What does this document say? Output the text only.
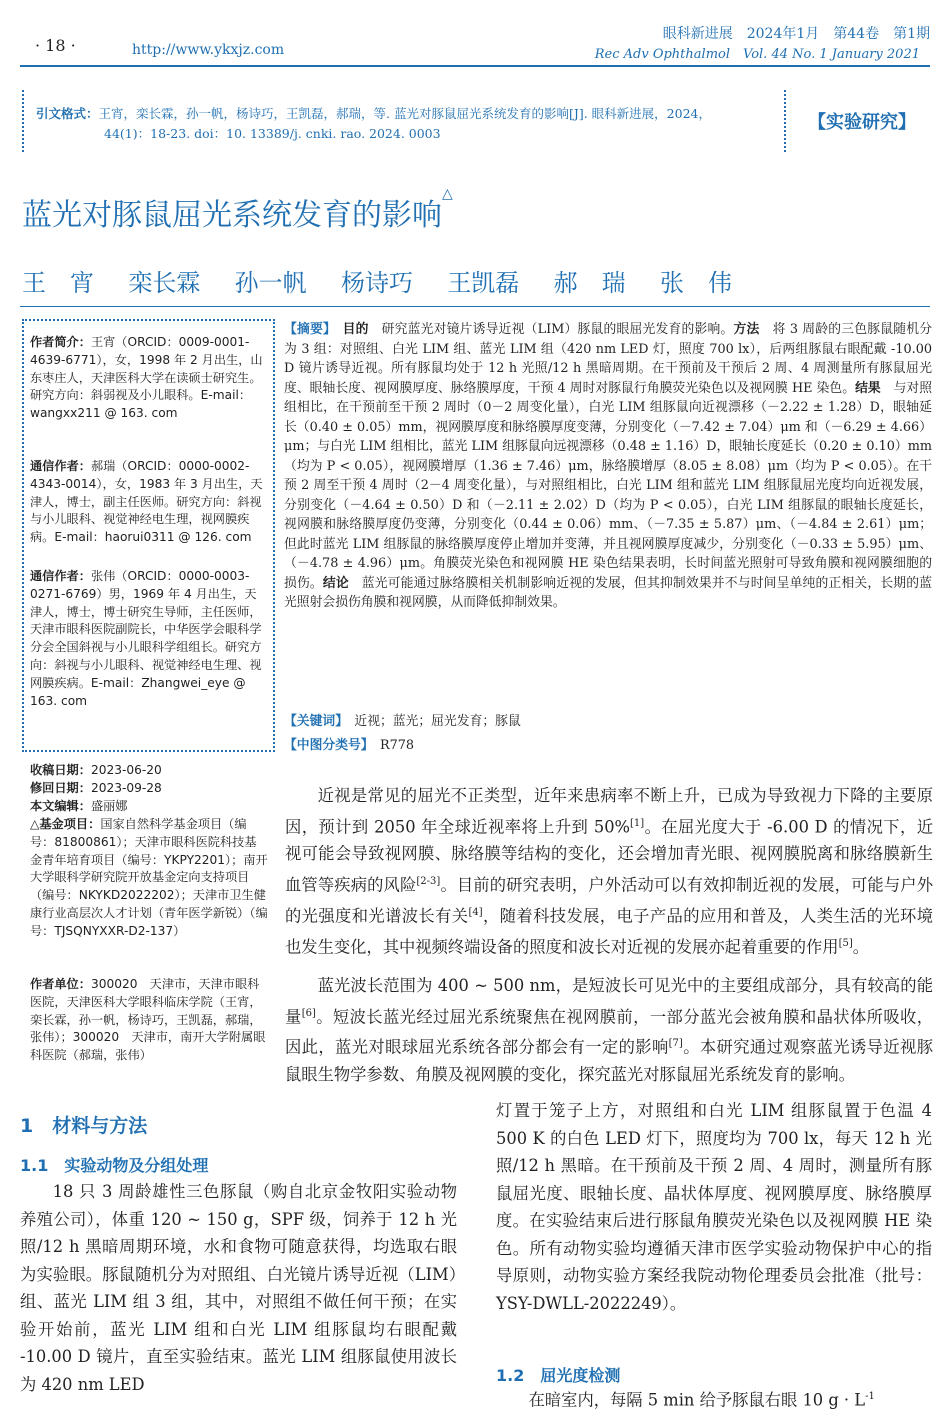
· 18 ·	http://www.ykxjz.com
眼科新进展　2024年1月　第44卷　第1期
Rec Adv Ophthalmol　Vol. 44 No. 1 January 2021
引文格式：王宵，栾长霖，孙一帆，杨诗巧，王凯磊，郝瑞，等. 蓝光对豚鼠屈光系统发育的影响[J]. 眼科新进展，2024，
44(1)：18-23. doi：10. 13389/j. cnki. rao. 2024. 0003
【实验研究】
蓝光对豚鼠屈光系统发育的影响△
王　宵 栾长霖 孙一帆 杨诗巧 王凯磊 郝　瑞 张　伟
作者简介：王宵（ORCID：0009-0001-4639-6771），女，1998 年 2 月出生，山东枣庄人，天津医科大学在读硕士研究生。研究方向：斜弱视及小儿眼科。E-mail：wangxx211 @ 163. com
通信作者：郝瑞（ORCID：0000-0002-4343-0014），女，1983 年 3 月出生，天津人，博士，副主任医师。研究方向：斜视与小儿眼科、视觉神经电生理，视网膜疾病。E-mail：haorui0311 @ 126. com
通信作者：张伟（ORCID：0000-0003-0271-6769）男，1969 年 4 月出生，天津人，博士，博士研究生导师，主任医师，天津市眼科医院副院长，中华医学会眼科学分会全国斜视与小儿眼科学组组长。研究方向：斜视与小儿眼科、视觉神经电生理、视网膜疾病。E-mail：Zhangwei_eye @ 163. com
收稿日期：2023-06-20
修回日期：2023-09-28
本文编辑：盛丽娜
△基金项目：国家自然科学基金项目（编号：81800861）；天津市眼科医院科技基金青年培育项目（编号：YKPY2201）；南开大学眼科学研究院开放基金定向支持项目（编号：NKYKD2022202）；天津市卫生健康行业高层次人才计划（青年医学新锐）（编号：TJSQNYXXR-D2-137）
作者单位：300020　天津市，天津市眼科医院，天津医科大学眼科临床学院（王宵，栾长霖，孙一帆，杨诗巧，王凯磊，郝瑞，张伟）；300020　天津市，南开大学附属眼科医院（郝瑞，张伟）
【摘要】　 目的　 研究蓝光对镜片诱导近视（LIM）豚鼠的眼屈光发育的影响。方法　 将 3 周龄的三色豚鼠随机分为 3 组：对照组、白光 LIM 组、蓝光 LIM 组（420 nm LED 灯，照度 700 lx），后两组豚鼠右眼配戴 -10.00 D 镜片诱导近视。所有豚鼠均处于 12 h 光照/12 h 黑暗周期。在干预前及干预后 2 周、4 周测量所有豚鼠屈光度、眼轴长度、视网膜厚度、脉络膜厚度，干预 4 周时对豚鼠行角膜荧光染色以及视网膜 HE 染色。结果　 与对照组相比，在干预前至干预 2 周时（0－2 周变化量），白光 LIM 组豚鼠向近视漂移（－2.22 ± 1.28）D，眼轴延长（0.40 ± 0.05）mm，视网膜厚度和脉络膜厚度变薄，分别变化（－7.42 ± 7.04）μm 和（－6.29 ± 4.66）μm；与白光 LIM 组相比，蓝光 LIM 组豚鼠向远视漂移（0.48 ± 1.16）D，眼轴长度延长（0.20 ± 0.10）mm（均为 P < 0.05），视网膜增厚（1.36 ± 7.46）μm，脉络膜增厚（8.05 ± 8.08）μm（均为 P < 0.05）。在干预 2 周至干预 4 周时（2－4 周变化量），与对照组相比，白光 LIM 组和蓝光 LIM 组豚鼠屈光度均向近视发展，分别变化（－4.64 ± 0.50）D 和（－2.11 ± 2.02）D（均为 P < 0.05），白光 LIM 组豚鼠的眼轴长度延长，视网膜和脉络膜厚度仍变薄，分别变化（0.44 ± 0.06）mm、（－7.35 ± 5.87）μm、（－4.84 ± 2.61）μm；但此时蓝光 LIM 组豚鼠的脉络膜厚度停止增加并变薄，并且视网膜厚度减少，分别变化（－0.33 ± 5.95）μm、（－4.78 ± 4.96）μm。角膜荧光染色和视网膜 HE 染色结果表明，长时间蓝光照射可导致角膜和视网膜细胞的损伤。结论　 蓝光可能通过脉络膜相关机制影响近视的发展，但其抑制效果并不与时间呈单纯的正相关，长期的蓝光照射会损伤角膜和视网膜，从而降低抑制效果。
【关键词】　 近视；蓝光；屈光发育；豚鼠
【中图分类号】　 R778
近视是常见的屈光不正类型，近年来患病率不断上升，已成为导致视力下降的主要原因，预计到 2050 年全球近视率将上升到 50%[1]。在屈光度大于 -6.00 D 的情况下，近视可能会导致视网膜、脉络膜等结构的变化，还会增加青光眼、视网膜脱离和脉络膜新生血管等疾病的风险[2-3]。目前的研究表明，户外活动可以有效抑制近视的发展，可能与户外的光强度和光谱波长有关[4]，随着科技发展，电子产品的应用和普及，人类生活的光环境也发生变化，其中视频终端设备的照度和波长对近视的发展亦起着重要的作用[5]。
蓝光波长范围为 400 ~ 500 nm，是短波长可见光中的主要组成部分，具有较高的能量[6]。短波长蓝光经过屈光系统聚焦在视网膜前，一部分蓝光会被角膜和晶状体所吸收，因此，蓝光对眼球屈光系统各部分都会有一定的影响[7]。本研究通过观察蓝光诱导近视豚鼠眼生物学参数、角膜及视网膜的变化，探究蓝光对豚鼠屈光系统发育的影响。
1　材料与方法
1.1　实验动物及分组处理
18 只 3 周龄雄性三色豚鼠（购自北京金牧阳实验动物养殖公司），体重 120 ~ 150 g，SPF 级，饲养于 12 h 光照/12 h 黑暗周期环境，水和食物可随意获得，均选取右眼为实验眼。豚鼠随机分为对照组、白光镜片诱导近视（LIM）组、蓝光 LIM 组 3 组，其中，对照组不做任何干预；在实验开始前，蓝光 LIM 组和白光 LIM 组豚鼠均右眼配戴 -10.00 D 镜片，直至实验结束。蓝光 LIM 组豚鼠使用波长为 420 nm LED
灯置于笼子上方，对照组和白光 LIM 组豚鼠置于色温 4 500 K 的白色 LED 灯下，照度均为 700 lx，每天 12 h 光照/12 h 黑暗。在干预前及干预 2 周、4 周时，测量所有豚鼠屈光度、眼轴长度、晶状体厚度、视网膜厚度、脉络膜厚度。在实验结束后进行豚鼠角膜荧光染色以及视网膜 HE 染色。所有动物实验均遵循天津市医学实验动物保护中心的指导原则，动物实验方案经我院动物伦理委员会批准（批号：YSY-DWLL-2022249）。
1.2　屈光度检测
在暗室内，每隔 5 min 给予豚鼠右眼 10 $g \cdot L^{-1}$
